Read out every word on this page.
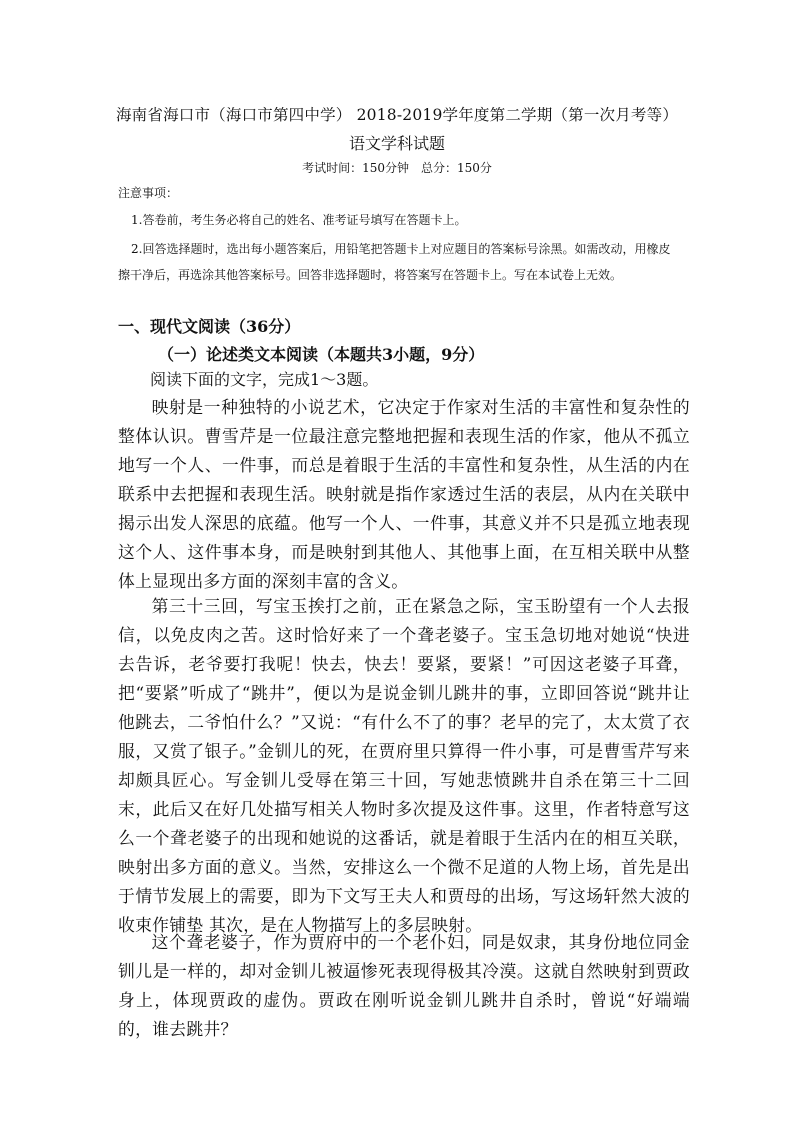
海南省海口市（海口市第四中学） 2018-2019学年度第二学期（第一次月考等）
语文学科试题
考试时间：150分钟　总分：150分
注意事项：
1.答卷前，考生务必将自己的姓名、准考证号填写在答题卡上。
2.回答选择题时，选出每小题答案后，用铅笔把答题卡上对应题目的答案标号涂黑。如需改动，用橡皮
擦干净后，再选涂其他答案标号。回答非选择题时，将答案写在答题卡上。写在本试卷上无效。
一、现代文阅读（36分）
（一）论述类文本阅读（本题共3小题，9分）
阅读下面的文字，完成1～3题。

映射是一种独特的小说艺术，它决定于作家对生活的丰富性和复杂性的整体认识。曹雪芹是一位最注意完整地把握和表现生活的作家，他从不孤立地写一个人、一件事，而总是着眼于生活的丰富性和复杂性，从生活的内在联系中去把握和表现生活。映射就是指作家透过生活的表层，从内在关联中揭示出发人深思的底蕴。他写一个人、一件事，其意义并不只是孤立地表现这个人、这件事本身，而是映射到其他人、其他事上面，在互相关联中从整体上显现出多方面的深刻丰富的含义。

第三十三回，写宝玉挨打之前，正在紧急之际，宝玉盼望有一个人去报信，以免皮肉之苦。这时恰好来了一个聋老婆子。宝玉急切地对她说“快进去告诉，老爷要打我呢！快去，快去！要紧，要紧！”可因这老婆子耳聋，把“要紧”听成了“跳井”，便以为是说金钏儿跳井的事，立即回答说“跳井让他跳去，二爷怕什么？”又说：“有什么不了的事？老早的完了，太太赏了衣服，又赏了银子。”金钏儿的死，在贾府里只算得一件小事，可是曹雪芹写来却颇具匠心。写金钏儿受辱在第三十回，写她悲愤跳井自杀在第三十二回末，此后又在好几处描写相关人物时多次提及这件事。这里，作者特意写这么一个聋老婆子的出现和她说的这番话，就是着眼于生活内在的相互关联，映射出多方面的意义。当然，安排这么一个微不足道的人物上场，首先是出于情节发展上的需要，即为下文写王夫人和贾母的出场，写这场轩然大波的收束作铺垫 其次，是在人物描写上的多层映射。

这个聋老婆子，作为贾府中的一个老仆妇，同是奴隶，其身份地位同金钏儿是一样的，却对金钏儿被逼惨死表现得极其冷漠。这就自然映射到贾政身上，体现贾政的虚伪。贾政在刚听说金钏儿跳井自杀时，曾说“好端端的，谁去跳井？
